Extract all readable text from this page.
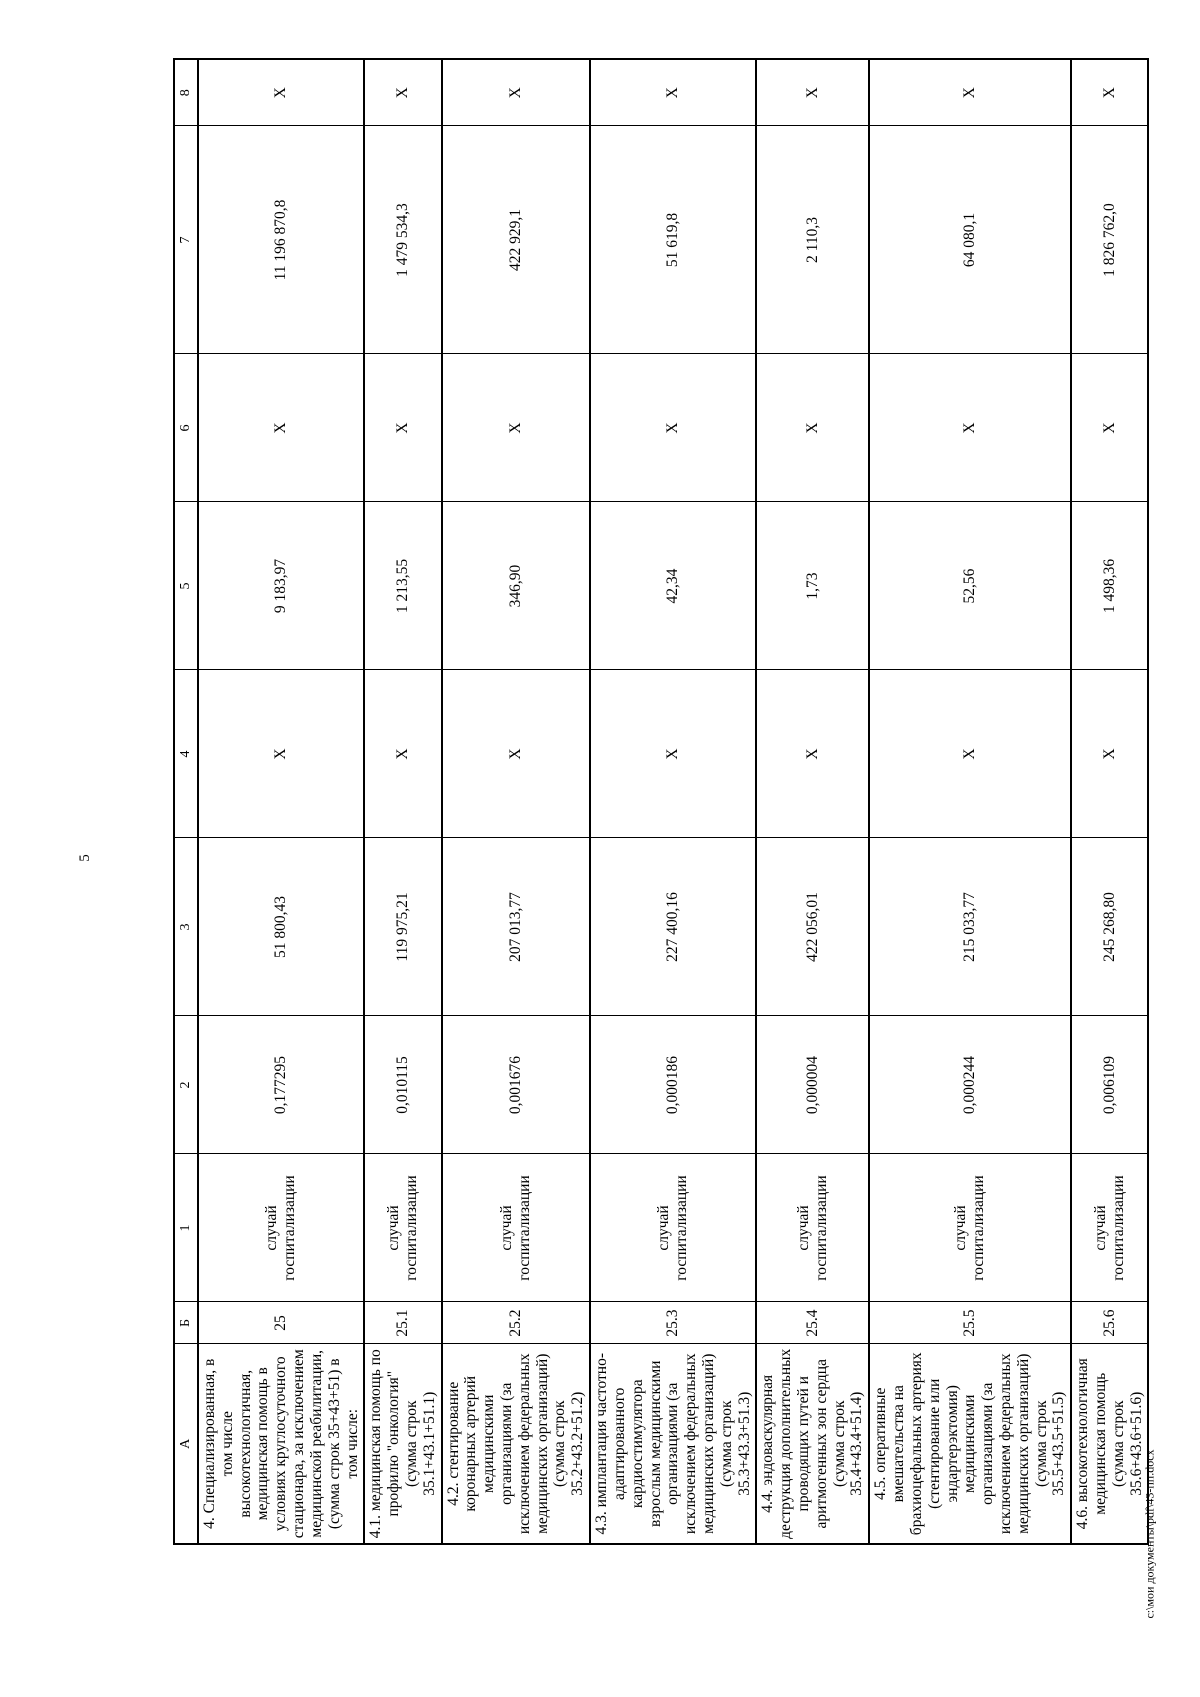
5
А	Б	1	2	3	4	5	6	7	8
4. Специализированная, в том числе высокотехнологичная, медицинская помощь в условиях круглосуточного стационара, за исключением медицинской реабилитации, (сумма строк 35+43+51) в том числе:	25	случай госпитализации	0,177295	51 800,43	Х	9 183,97	Х	11 196 870,8	Х
4.1. медицинская помощь по профилю "онкология" (сумма строк 35.1+43.1+51.1)	25.1	случай госпитализации	0,010115	119 975,21	Х	1 213,55	Х	1 479 534,3	Х
4.2. стентирование коронарных артерий медицинскими организациями (за исключением федеральных медицинских организаций) (сумма строк 35.2+43.2+51.2)	25.2	случай госпитализации	0,001676	207 013,77	Х	346,90	Х	422 929,1	Х
4.3. имплантация частотно-адаптированного кардиостимулятора взрослым медицинскими организациями (за исключением федеральных медицинских организаций) (сумма строк 35.3+43.3+51.3)	25.3	случай госпитализации	0,000186	227 400,16	Х	42,34	Х	51 619,8	Х
4.4. эндоваскулярная деструкция дополнительных проводящих путей и аритмогенных зон сердца (сумма строк 35.4+43.4+51.4)	25.4	случай госпитализации	0,000004	422 056,01	Х	1,73	Х	2 110,3	Х
4.5. оперативные вмешательства на брахиоцефальных артериях (стентирование или эндартерэктомия) медицинскими организациями (за исключением федеральных медицинских организаций) (сумма строк 35.5+43.5+51.5)	25.5	случай госпитализации	0,000244	215 033,77	Х	52,56	Х	64 080,1	Х
4.6. высокотехнологичная медицинская помощь (сумма строк 35.6+43.6+51.6)	25.6	случай госпитализации	0,006109	245 268,80	Х	1 498,36	Х	1 826 762,0	Х
c:\мои документы\pdf\43-пп.docx
